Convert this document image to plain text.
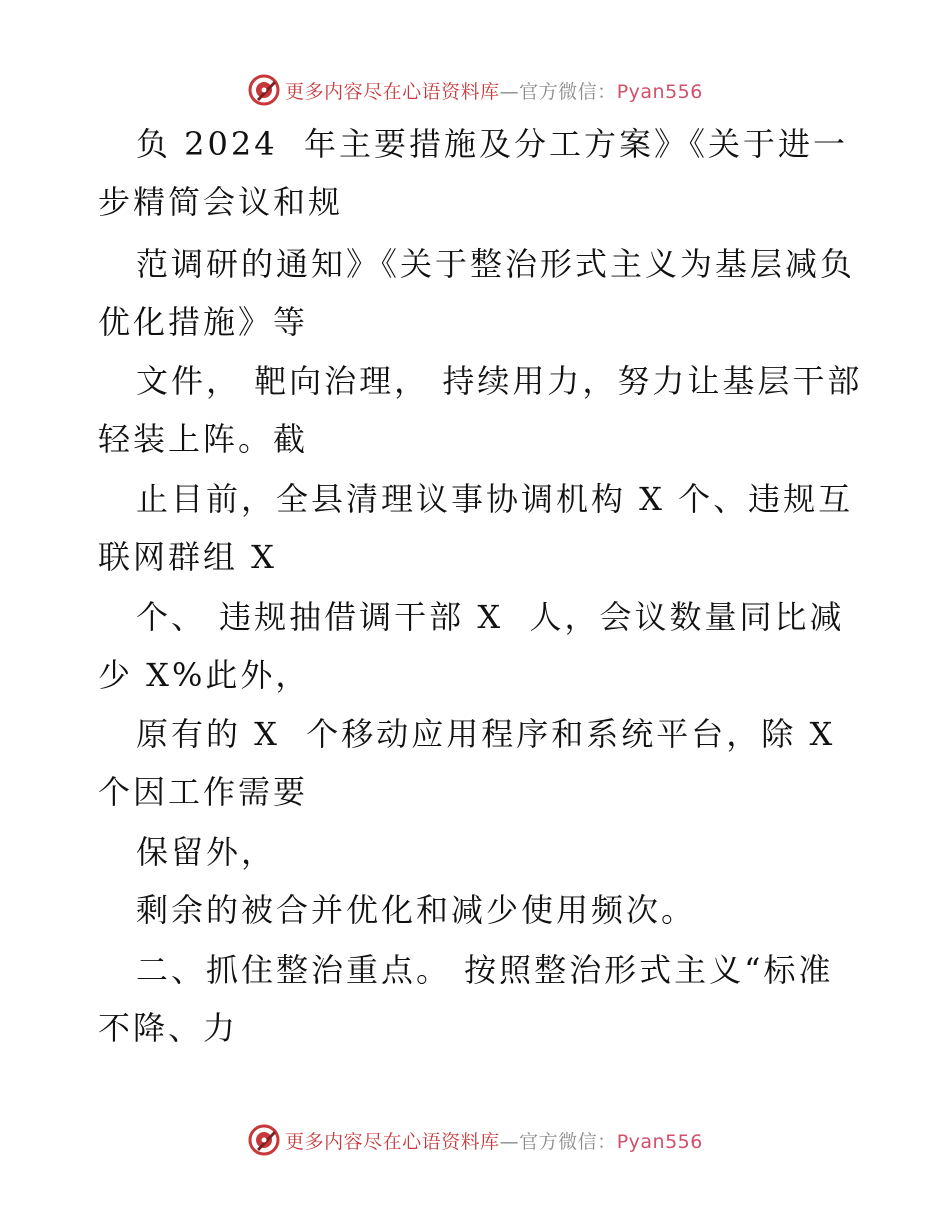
更多内容尽在心语资料库—官方微信：Pyan556
负 2024  年主要措施及分工方案》《关于进一
步精简会议和规
范调研的通知》《关于整治形式主义为基层减负
优化措施》等
文件， 靶向治理， 持续用力，努力让基层干部
轻装上阵。截
止目前，全县清理议事协调机构 X 个、违规互
联网群组 X
个、 违规抽借调干部 X  人，会议数量同比减
少 X%此外，
原有的 X  个移动应用程序和系统平台，除 X
个因工作需要
保留外，
剩余的被合并优化和减少使用频次。
二、抓住整治重点。 按照整治形式主义“标准
不降、力
更多内容尽在心语资料库—官方微信：Pyan556
